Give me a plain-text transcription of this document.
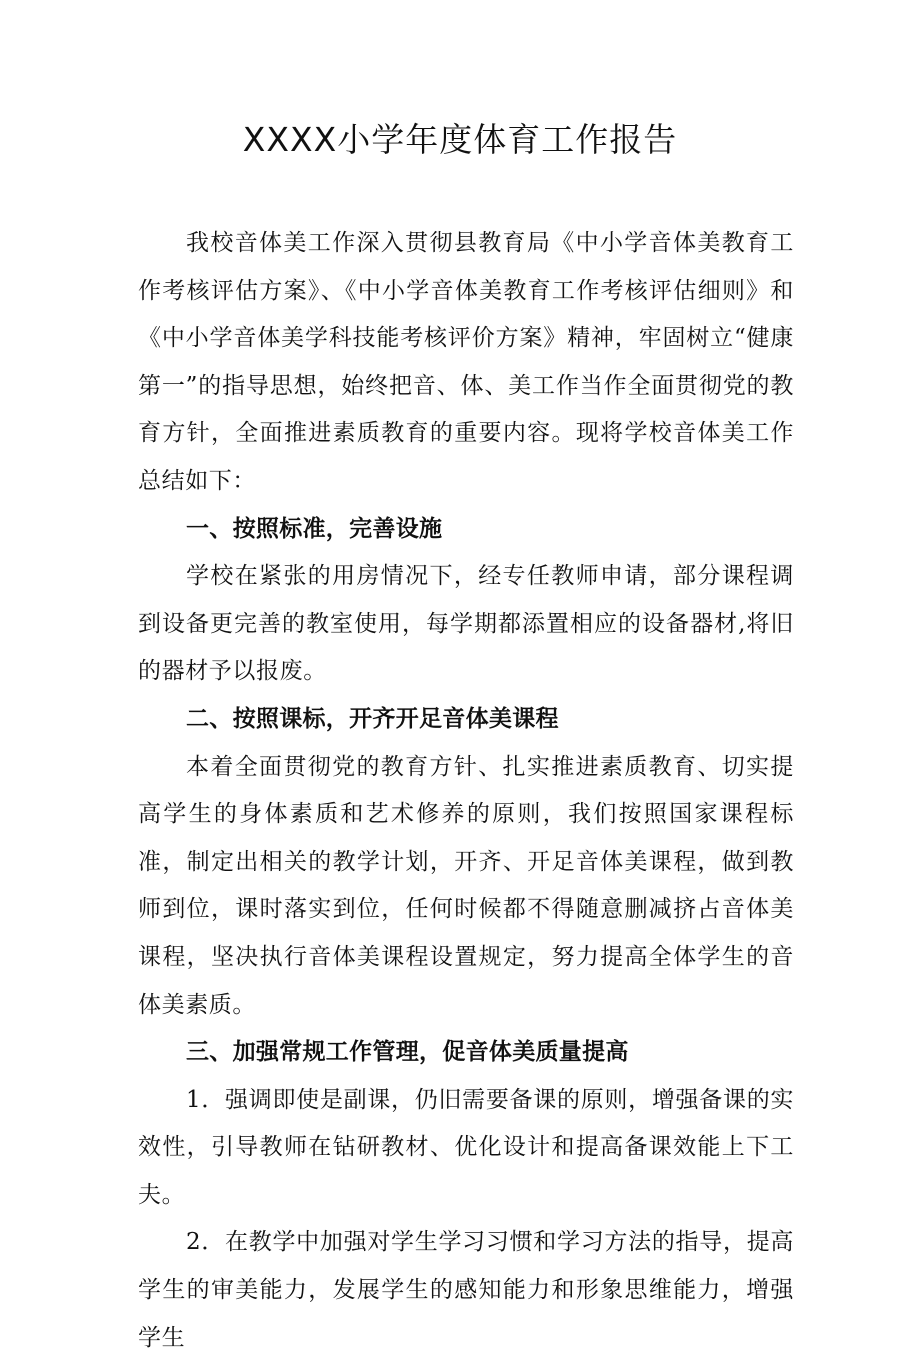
XXXX小学年度体育工作报告

我校音体美工作深入贯彻县教育局《中小学音体美教育工作考核评估方案》、《中小学音体美教育工作考核评估细则》和《中小学音体美学科技能考核评价方案》精神，牢固树立“健康第一”的指导思想，始终把音、体、美工作当作全面贯彻党的教育方针，全面推进素质教育的重要内容。现将学校音体美工作总结如下：

一、按照标准，完善设施

学校在紧张的用房情况下，经专任教师申请，部分课程调到设备更完善的教室使用，每学期都添置相应的设备器材,将旧的器材予以报废。

二、按照课标，开齐开足音体美课程

本着全面贯彻党的教育方针、扎实推进素质教育、切实提高学生的身体素质和艺术修养的原则，我们按照国家课程标准，制定出相关的教学计划，开齐、开足音体美课程，做到教师到位，课时落实到位，任何时候都不得随意删减挤占音体美课程，坚决执行音体美课程设置规定，努力提高全体学生的音体美素质。

三、加强常规工作管理，促音体美质量提高

1．强调即使是副课，仍旧需要备课的原则，增强备课的实效性，引导教师在钻研教材、优化设计和提高备课效能上下工夫。

2．在教学中加强对学生学习习惯和学习方法的指导，提高学生的审美能力，发展学生的感知能力和形象思维能力，增强学生
